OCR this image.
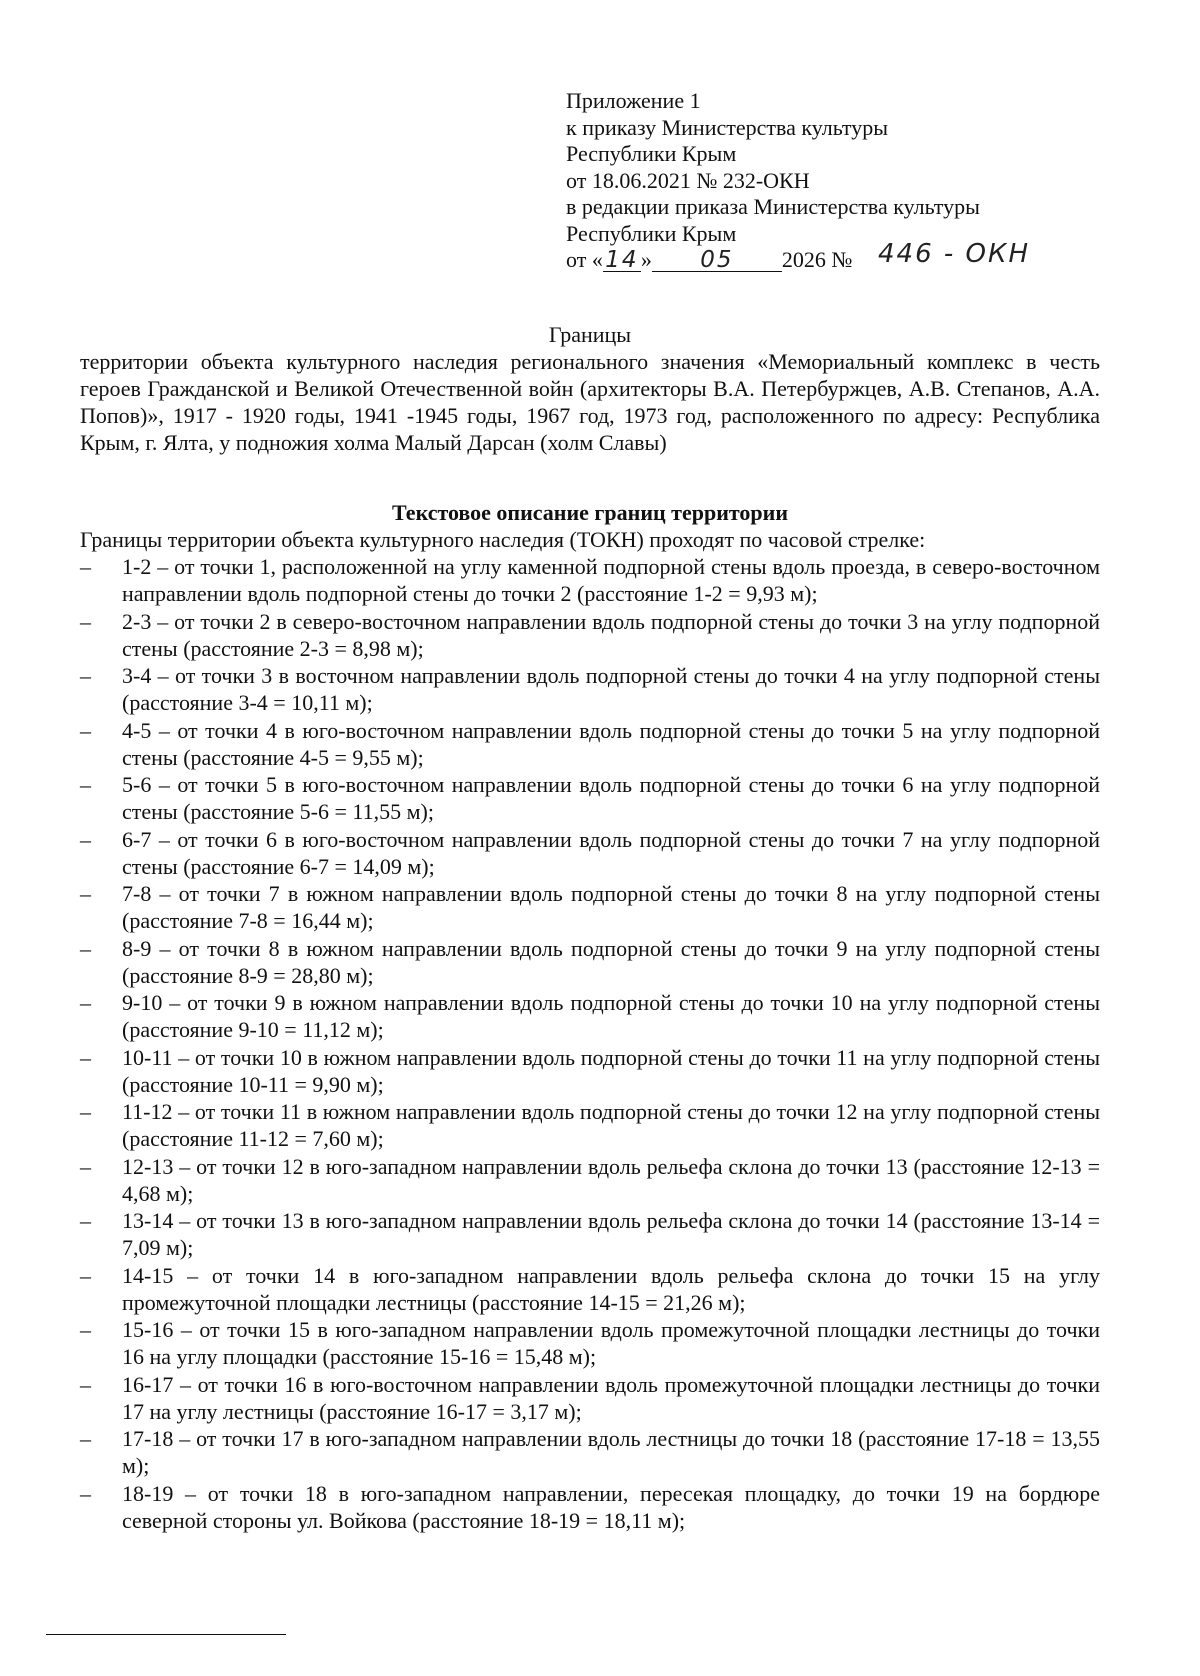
Приложение 1
к приказу Министерства культуры
Республики Крым
от 18.06.2021 № 232-ОКН
в редакции приказа Министерства культуры
Республики Крым
от « 14 » 05 2026 № 446 - ОКН
Границы
территории объекта культурного наследия регионального значения «Мемориальный комплекс в честь героев Гражданской и Великой Отечественной войн (архитекторы В.А. Петербуржцев, А.В. Степанов, А.А. Попов)», 1917 - 1920 годы, 1941 -1945 годы, 1967 год, 1973 год, расположенного по адресу: Республика Крым, г. Ялта, у подножия холма Малый Дарсан (холм Славы)
Текстовое описание границ территории
Границы территории объекта культурного наследия (ТОКН) проходят по часовой стрелке:
–	1-2 – от точки 1, расположенной на углу каменной подпорной стены вдоль проезда, в северо-восточном направлении вдоль подпорной стены до точки 2 (расстояние 1-2 = 9,93 м);
–	2-3 – от точки 2 в северо-восточном направлении вдоль подпорной стены до точки 3 на углу подпорной стены (расстояние 2-3 = 8,98 м);
–	3-4 – от точки 3 в восточном направлении вдоль подпорной стены до точки 4 на углу подпорной стены (расстояние 3-4 = 10,11 м);
–	4-5 – от точки 4 в юго-восточном направлении вдоль подпорной стены до точки 5 на углу подпорной стены (расстояние 4-5 = 9,55 м);
–	5-6 – от точки 5 в юго-восточном направлении вдоль подпорной стены до точки 6 на углу подпорной стены (расстояние 5-6 = 11,55 м);
–	6-7 – от точки 6 в юго-восточном направлении вдоль подпорной стены до точки 7 на углу подпорной стены (расстояние 6-7 = 14,09 м);
–	7-8 – от точки 7 в южном направлении вдоль подпорной стены до точки 8 на углу подпорной стены (расстояние 7-8 = 16,44 м);
–	8-9 – от точки 8 в южном направлении вдоль подпорной стены до точки 9 на углу подпорной стены (расстояние 8-9 = 28,80 м);
–	9-10 – от точки 9 в южном направлении вдоль подпорной стены до точки 10 на углу подпорной стены (расстояние 9-10 = 11,12 м);
–	10-11 – от точки 10 в южном направлении вдоль подпорной стены до точки 11 на углу подпорной стены (расстояние 10-11 = 9,90 м);
–	11-12 – от точки 11 в южном направлении вдоль подпорной стены до точки 12 на углу подпорной стены (расстояние 11-12 = 7,60 м);
–	12-13 – от точки 12 в юго-западном направлении вдоль рельефа склона до точки 13 (расстояние 12-13 = 4,68 м);
–	13-14 – от точки 13 в юго-западном направлении вдоль рельефа склона до точки 14 (расстояние 13-14 = 7,09 м);
–	14-15 – от точки 14 в юго-западном направлении вдоль рельефа склона до точки 15 на углу промежуточной площадки лестницы (расстояние 14-15 = 21,26 м);
–	15-16 – от точки 15 в юго-западном направлении вдоль промежуточной площадки лестницы до точки 16 на углу площадки (расстояние 15-16 = 15,48 м);
–	16-17 – от точки 16 в юго-восточном направлении вдоль промежуточной площадки лестницы до точки 17 на углу лестницы (расстояние 16-17 = 3,17 м);
–	17-18 – от точки 17 в юго-западном направлении вдоль лестницы до точки 18 (расстояние 17-18 = 13,55 м);
–	18-19 – от точки 18 в юго-западном направлении, пересекая площадку, до точки 19 на бордюре северной стороны ул. Войкова (расстояние 18-19 = 18,11 м);
